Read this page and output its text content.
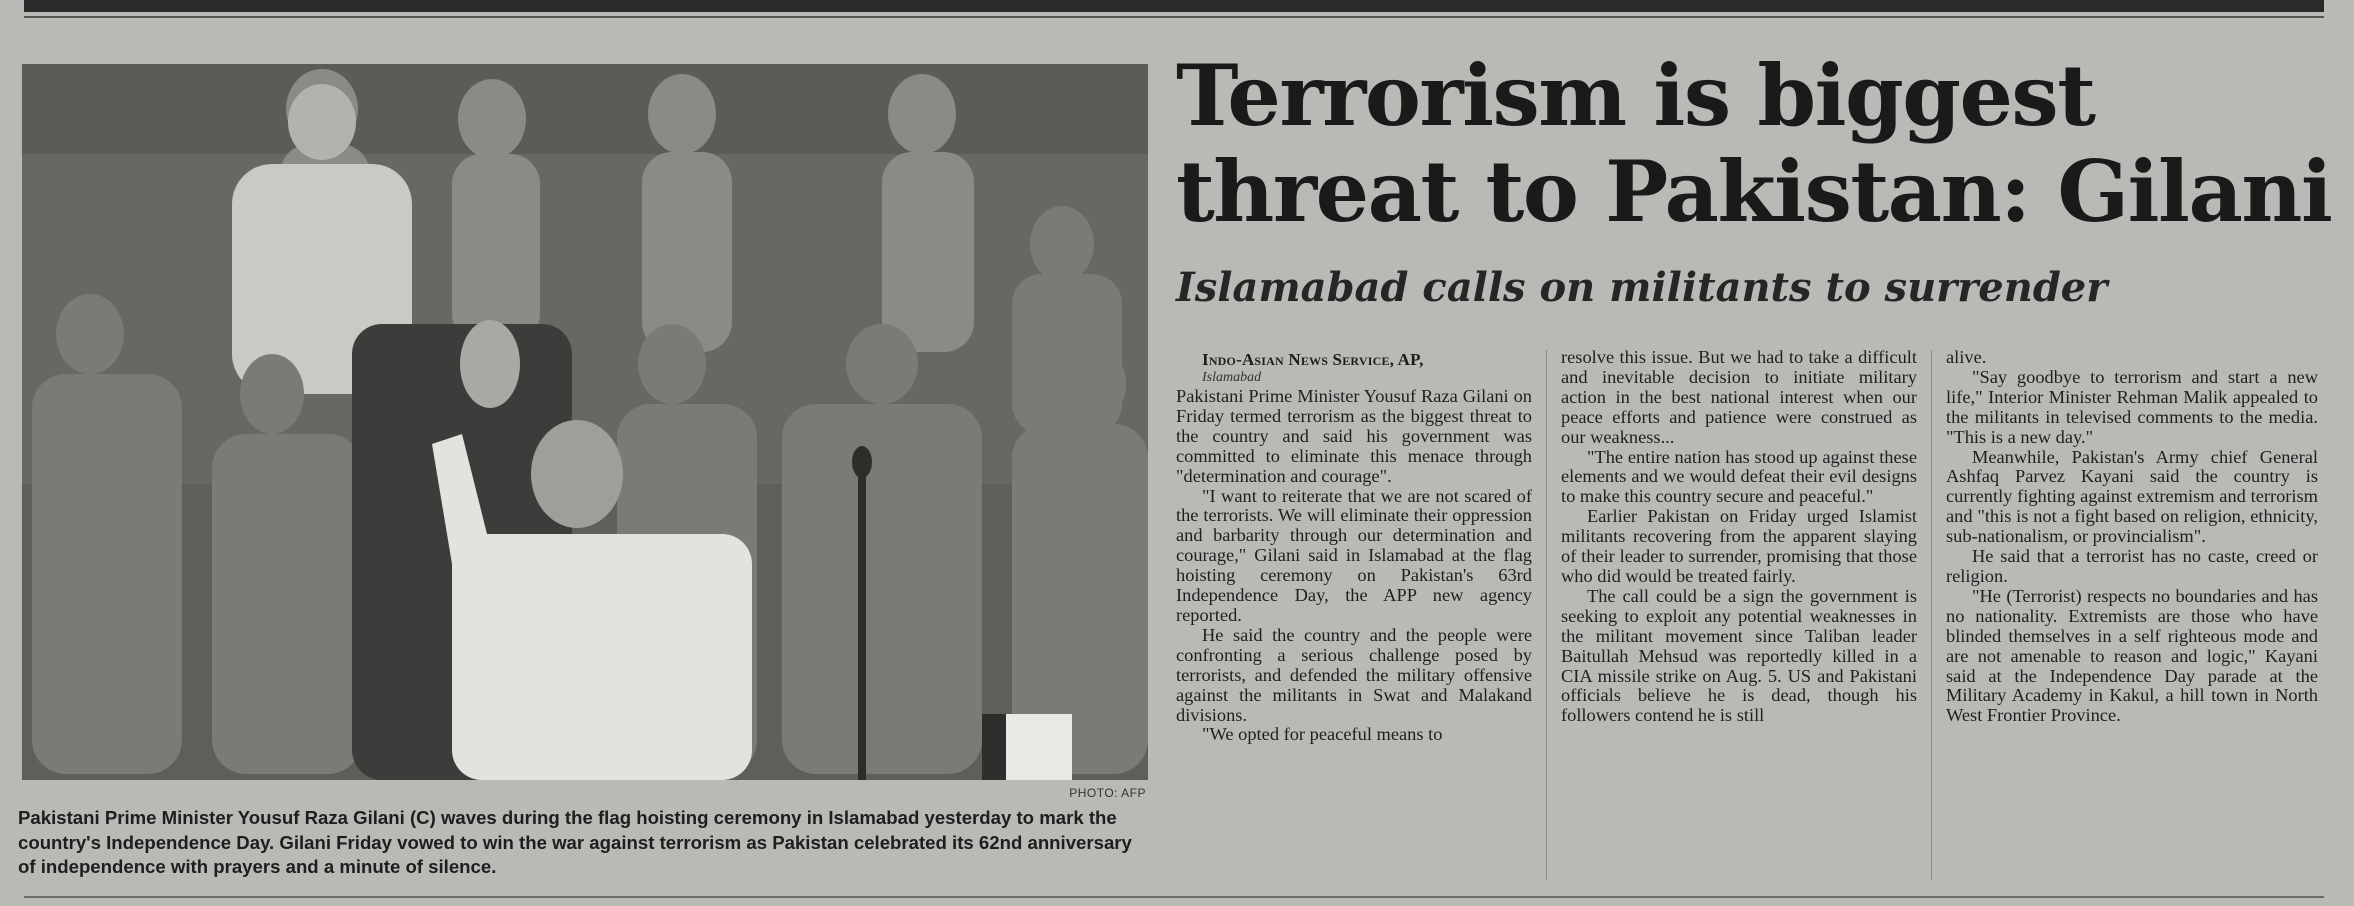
PHOTO: AFP
Pakistani Prime Minister Yousuf Raza Gilani (C) waves during the flag hoisting ceremony in Islamabad yesterday to mark the country's Independence Day. Gilani Friday vowed to win the war against terrorism as Pakistan celebrated its 62nd anniversary of independence with prayers and a minute of silence.
Terrorism is biggest threat to Pakistan: Gilani
Islamabad calls on militants to surrender

Indo-Asian News Service, AP,

Islamabad

Pakistani Prime Minister Yousuf Raza Gilani on Friday termed terrorism as the biggest threat to the country and said his government was committed to eliminate this menace through "determination and courage".

"I want to reiterate that we are not scared of the terrorists. We will eliminate their oppression and barbarity through our determination and courage," Gilani said in Islamabad at the flag hoisting ceremony on Pakistan's 63rd Independence Day, the APP new agency reported.

He said the country and the people were confronting a serious challenge posed by terrorists, and defended the military offensive against the militants in Swat and Malakand divisions.

"We opted for peaceful means to

resolve this issue. But we had to take a difficult and inevitable decision to initiate military action in the best national interest when our peace efforts and patience were construed as our weakness...

"The entire nation has stood up against these elements and we would defeat their evil designs to make this country secure and peaceful."

Earlier Pakistan on Friday urged Islamist militants recovering from the apparent slaying of their leader to surrender, promising that those who did would be treated fairly.

The call could be a sign the government is seeking to exploit any potential weaknesses in the militant movement since Taliban leader Baitullah Mehsud was reportedly killed in a CIA missile strike on Aug. 5. US and Pakistani officials believe he is dead, though his followers contend he is still

alive.

"Say goodbye to terrorism and start a new life," Interior Minister Rehman Malik appealed to the militants in televised comments to the media. "This is a new day."

Meanwhile, Pakistan's Army chief General Ashfaq Parvez Kayani said the country is currently fighting against extremism and terrorism and "this is not a fight based on religion, ethnicity, sub-nationalism, or provincialism".

He said that a terrorist has no caste, creed or religion.

"He (Terrorist) respects no boundaries and has no nationality. Extremists are those who have blinded themselves in a self righteous mode and are not amenable to reason and logic," Kayani said at the Independence Day parade at the Military Academy in Kakul, a hill town in North West Frontier Province.
